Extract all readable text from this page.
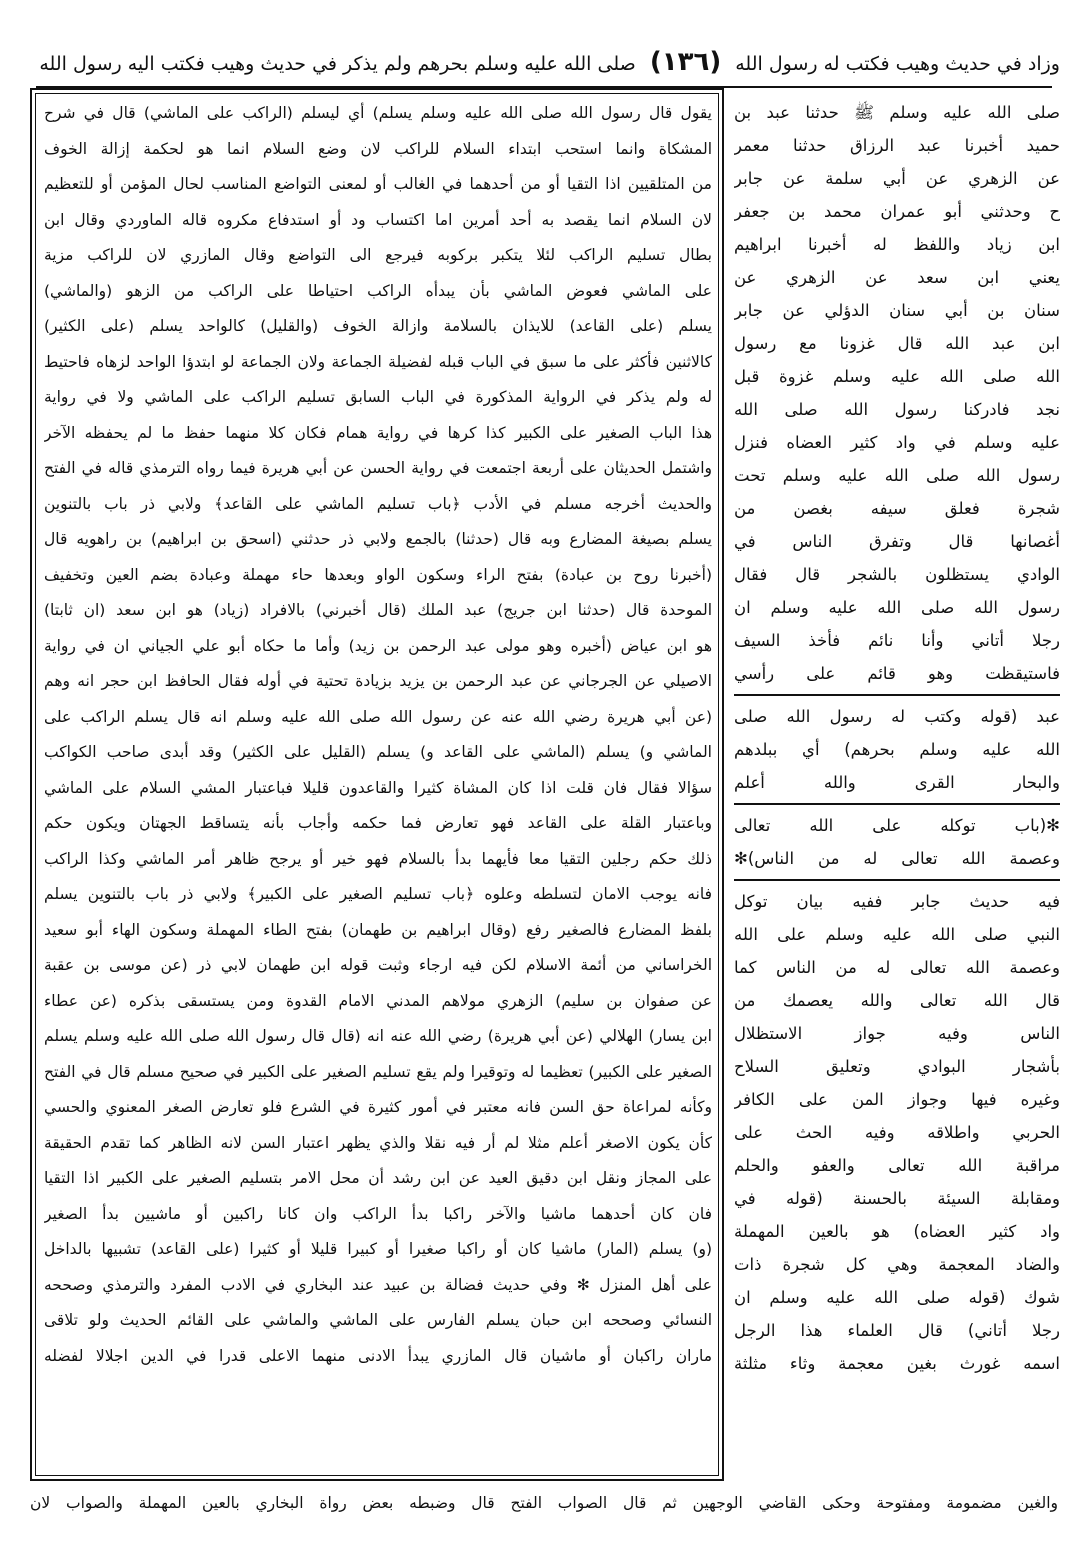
وزاد في حديث وهيب فكتب له رسول الله (١٣٦) صلى الله عليه وسلم بحرهم ولم يذكر في حديث وهيب فكتب اليه رسول الله
يقول قال رسول الله صلى الله عليه وسلم يسلم) أي ليسلم (الراكب على الماشي) قال في شرح
المشكاة وانما استحب ابتداء السلام للراكب لان وضع السلام انما هو لحكمة إزالة الخوف
من المتلقيين اذا التقيا أو من أحدهما في الغالب أو لمعنى التواضع المناسب لحال المؤمن أو للتعظيم
لان السلام انما يقصد به أحد أمرين اما اكتساب ود أو استدفاع مكروه قاله الماوردي وقال ابن
بطال تسليم الراكب لئلا يتكبر بركوبه فيرجع الى التواضع وقال المازري لان للراكب مزية
على الماشي فعوض الماشي بأن يبدأه الراكب احتياطا على الراكب من الزهو (والماشي)
يسلم (على القاعد) للايذان بالسلامة وازالة الخوف (والقليل) كالواحد يسلم (على الكثير)
كالاثنين فأكثر على ما سبق في الباب قبله لفضيلة الجماعة ولان الجماعة لو ابتدؤا الواحد لزهاه فاحتيط
له ولم يذكر في الرواية المذكورة في الباب السابق تسليم الراكب على الماشي ولا في رواية
هذا الباب الصغير على الكبير كذا كرها في رواية همام فكان كلا منهما حفظ ما لم يحفظه الآخر
واشتمل الحديثان على أربعة اجتمعت في رواية الحسن عن أبي هريرة فيما رواه الترمذي قاله في الفتح
والحديث أخرجه مسلم في الأدب ﴿باب تسليم الماشي على القاعد﴾ ولابي ذر باب بالتنوين
يسلم بصيغة المضارع وبه قال (حدثنا) بالجمع ولابي ذر حدثني (اسحق بن ابراهيم) بن راهويه قال
(أخبرنا روح بن عبادة) بفتح الراء وسكون الواو وبعدها حاء مهملة وعبادة بضم العين وتخفيف
الموحدة قال (حدثنا ابن جريج) عبد الملك (قال أخبرني) بالافراد (زياد) هو ابن سعد (ان ثابتا)
هو ابن عياض (أخبره وهو مولى عبد الرحمن بن زيد) وأما ما حكاه أبو علي الجياني ان في رواية
الاصيلي عن الجرجاني عن عبد الرحمن بن يزيد بزيادة تحتية في أوله فقال الحافظ ابن حجر انه وهم
(عن أبي هريرة رضي الله عنه عن رسول الله صلى الله عليه وسلم انه قال يسلم الراكب على
الماشي و) يسلم (الماشي على القاعد و) يسلم (القليل على الكثير) وقد أبدى صاحب الكواكب
سؤالا فقال فان قلت اذا كان المشاة كثيرا والقاعدون قليلا فباعتبار المشي السلام على الماشي
وباعتبار القلة على القاعد فهو تعارض فما حكمه وأجاب بأنه يتساقط الجهتان ويكون حكم
ذلك حكم رجلين التقيا معا فأيهما بدأ بالسلام فهو خير أو يرجح ظاهر أمر الماشي وكذا الراكب
فانه يوجب الامان لتسلطه وعلوه ﴿باب تسليم الصغير على الكبير﴾ ولابي ذر باب بالتنوين يسلم
بلفظ المضارع فالصغير رفع (وقال ابراهيم بن طهمان) بفتح الطاء المهملة وسكون الهاء أبو سعيد
الخراساني من أئمة الاسلام لكن فيه ارجاء وثبت قوله ابن طهمان لابي ذر (عن موسى بن عقبة
عن صفوان بن سليم) الزهري مولاهم المدني الامام القدوة ومن يستسقى بذكره (عن عطاء
ابن يسار) الهلالي (عن أبي هريرة) رضي الله عنه انه (قال قال رسول الله صلى الله عليه وسلم يسلم
الصغير على الكبير) تعظيما له وتوقيرا ولم يقع تسليم الصغير على الكبير في صحيح مسلم قال في الفتح
وكأنه لمراعاة حق السن فانه معتبر في أمور كثيرة في الشرع فلو تعارض الصغر المعنوي والحسي
كأن يكون الاصغر أعلم مثلا لم أر فيه نقلا والذي يظهر اعتبار السن لانه الظاهر كما تقدم الحقيقة
على المجاز ونقل ابن دقيق العيد عن ابن رشد أن محل الامر بتسليم الصغير على الكبير اذا التقيا
فان كان أحدهما ماشيا والآخر راكبا بدأ الراكب وان كانا راكبين أو ماشيين بدأ الصغير
(و) يسلم (المار) ماشيا كان أو راكبا صغيرا أو كبيرا قليلا أو كثيرا (على القاعد) تشبيها بالداخل
على أهل المنزل ✻ وفي حديث فضالة بن عبيد عند البخاري في الادب المفرد والترمذي وصححه
النسائي وصححه ابن حبان يسلم الفارس على الماشي والماشي على القائم الحديث ولو تلاقى
ماران راكبان أو ماشيان قال المازري يبدأ الادنى منهما الاعلى قدرا في الدين اجلالا لفضله
صلى الله عليه وسلم ﷺ حدثنا عبد بن
حميد أخبرنا عبد الرزاق حدثنا معمر
عن الزهري عن أبي سلمة عن جابر
ح وحدثني أبو عمران محمد بن جعفر
ابن زياد واللفظ له أخبرنا ابراهيم
يعني ابن سعد عن الزهري عن
سنان بن أبي سنان الدؤلي عن جابر
ابن عبد الله قال غزونا مع رسول
الله صلى الله عليه وسلم غزوة قبل
نجد فادركنا رسول الله صلى الله
عليه وسلم في واد كثير العضاه فنزل
رسول الله صلى الله عليه وسلم تحت
شجرة فعلق سيفه بغصن من
أغصانها قال وتفرق الناس في
الوادي يستظلون بالشجر قال فقال
رسول الله صلى الله عليه وسلم ان
رجلا أتاني وأنا نائم فأخذ السيف
فاستيقظت وهو قائم على رأسي
عبد (قوله وكتب له رسول الله صلى
الله عليه وسلم بحرهم) أي ببلدهم
والبحار القرى والله أعلم
✻(باب توكله على الله تعالى
وعصمة الله تعالى له من الناس)✻
فيه حديث جابر ففيه بيان توكل
النبي صلى الله عليه وسلم على الله
وعصمة الله تعالى له من الناس كما
قال الله تعالى والله يعصمك من
الناس وفيه جواز الاستظلال
بأشجار البوادي وتعليق السلاح
وغيره فيها وجواز المن على الكافر
الحربي واطلاقه وفيه الحث على
مراقبة الله تعالى والعفو والحلم
ومقابلة السيئة بالحسنة (قوله في
واد كثير العضاه) هو بالعين المهملة
والضاد المعجمة وهي كل شجرة ذات
شوك (قوله صلى الله عليه وسلم ان
رجلا أتاني) قال العلماء هذا الرجل
اسمه غورث بغين معجمة وثاء مثلثة
والغين مضمومة ومفتوحة وحكى القاضي الوجهين ثم قال الصواب الفتح قال وضبطه بعض رواة البخاري بالعين المهملة والصواب لان
